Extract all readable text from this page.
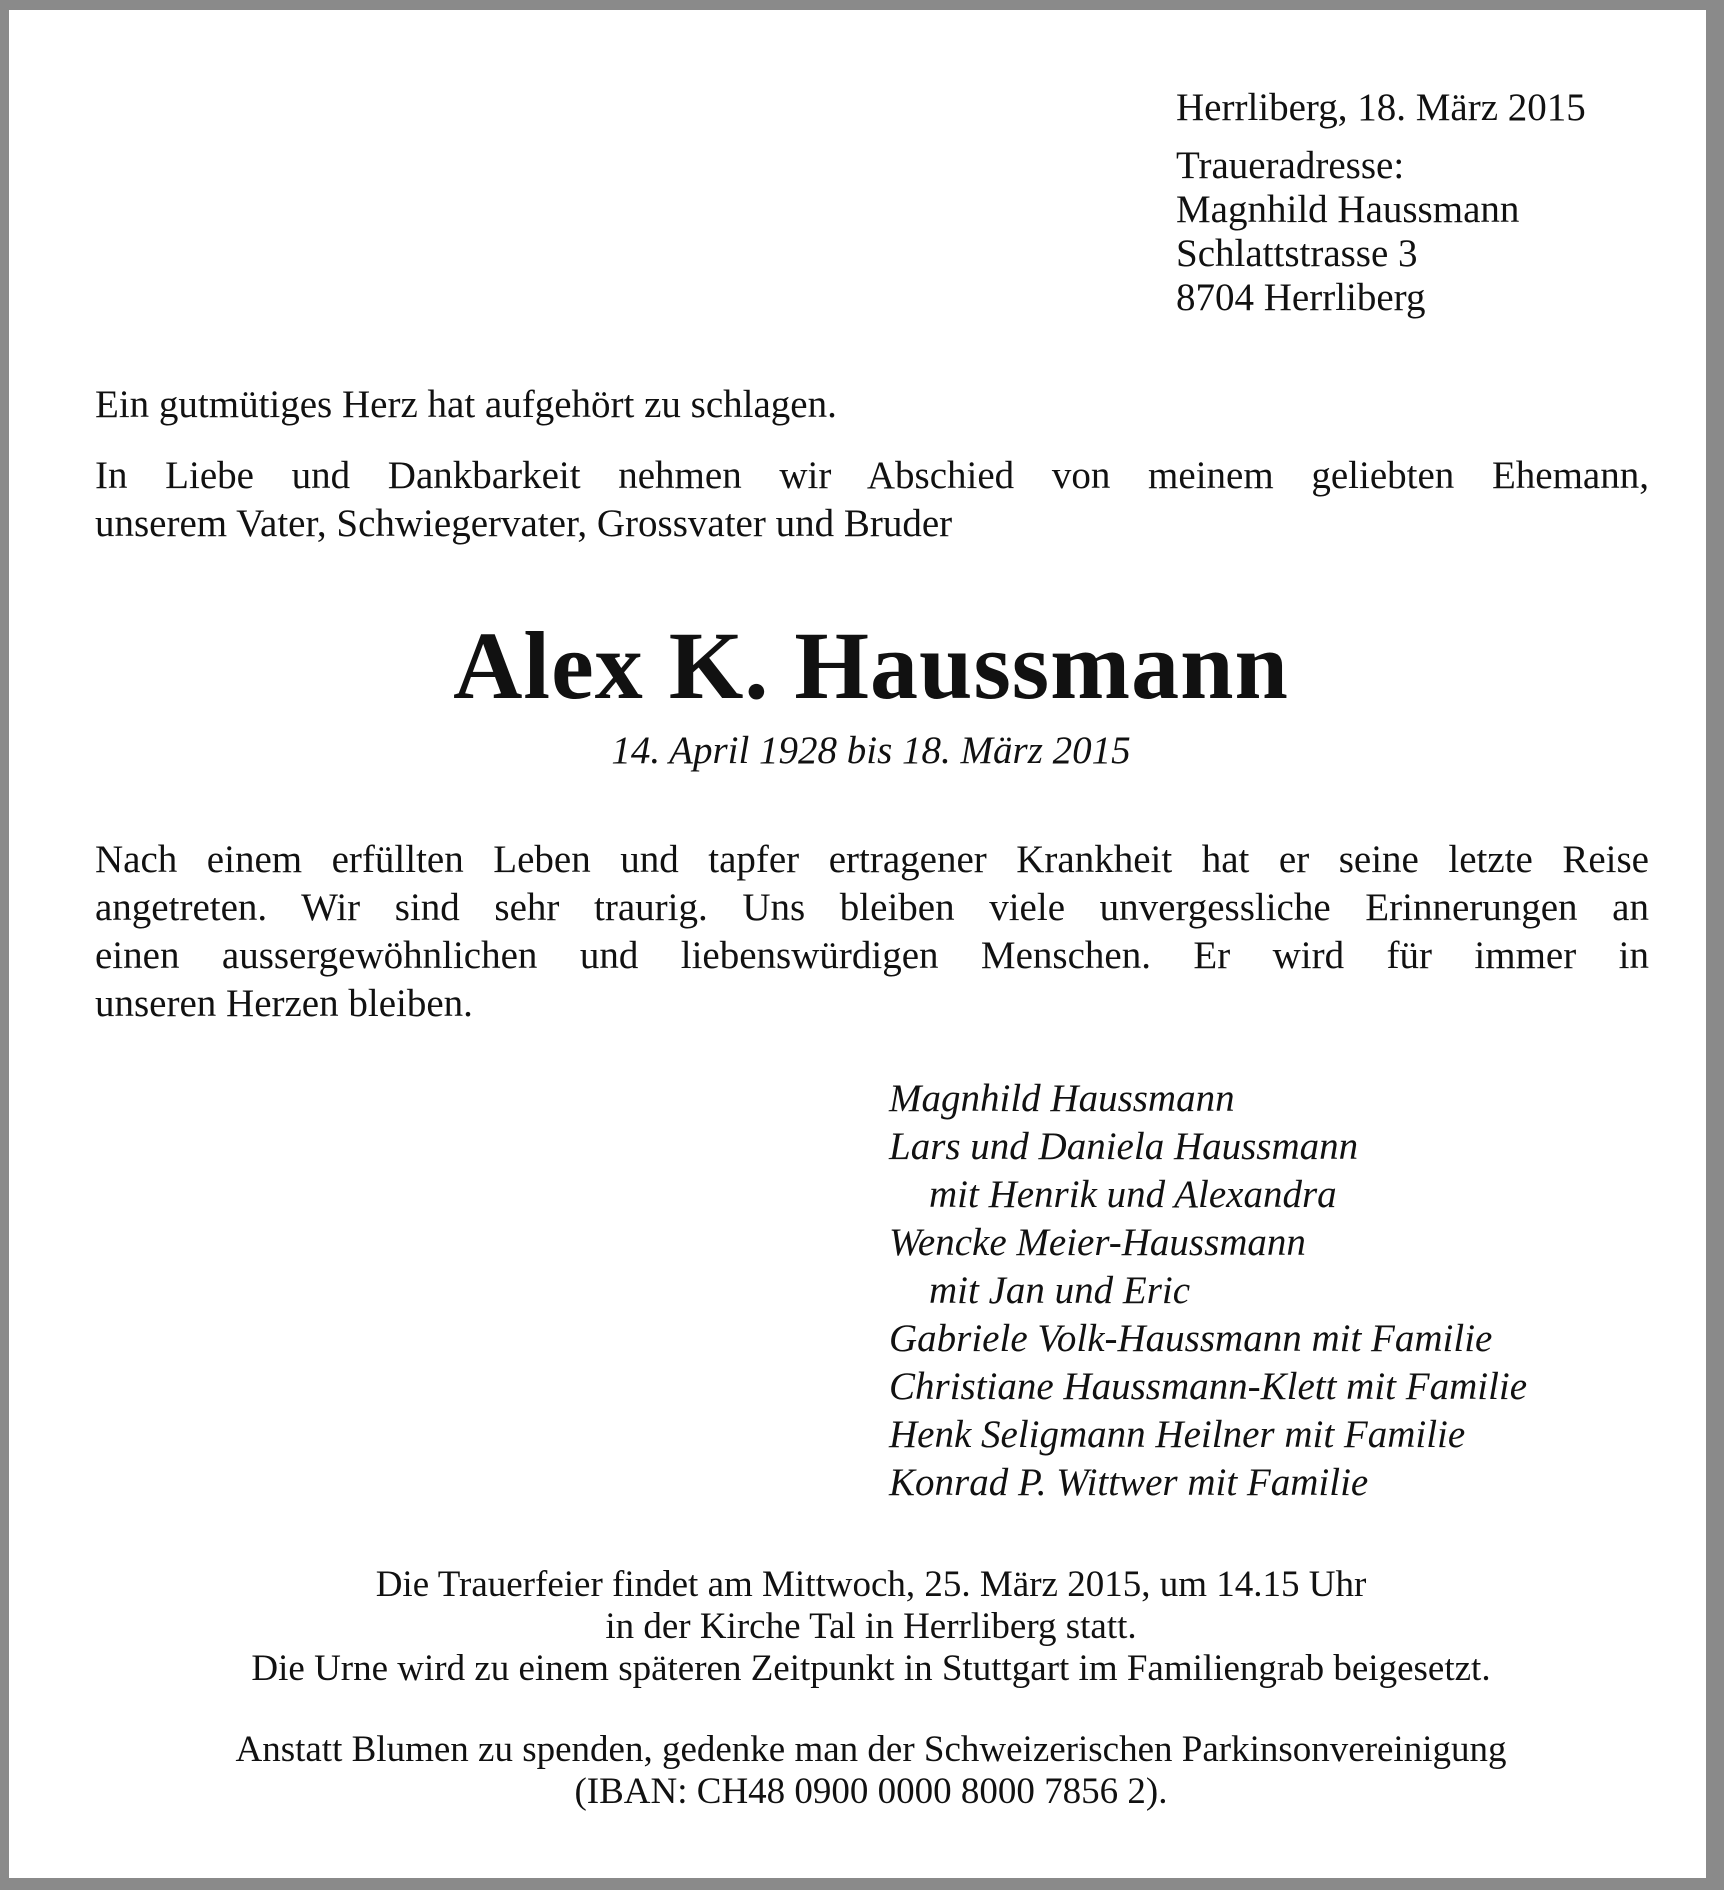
Herrliberg, 18. März 2015
Traueradresse:
Magnhild Haussmann
Schlattstrasse 3
8704 Herrliberg
Ein gutmütiges Herz hat aufgehört zu schlagen.
In Liebe und Dankbarkeit nehmen wir Abschied von meinem geliebten Ehemann,
unserem Vater, Schwiegervater, Grossvater und Bruder
Alex K. Haussmann
14. April 1928 bis 18. März 2015
Nach einem erfüllten Leben und tapfer ertragener Krankheit hat er seine letzte Reise
angetreten. Wir sind sehr traurig. Uns bleiben viele unvergessliche Erinnerungen an
einen aussergewöhnlichen und liebenswürdigen Menschen. Er wird für immer in
unseren Herzen bleiben.
Magnhild Haussmann
Lars und Daniela Haussmann
mit Henrik und Alexandra
Wencke Meier-Haussmann
mit Jan und Eric
Gabriele Volk-Haussmann mit Familie
Christiane Haussmann-Klett mit Familie
Henk Seligmann Heilner mit Familie
Konrad P. Wittwer mit Familie
Die Trauerfeier findet am Mittwoch, 25. März 2015, um 14.15 Uhr
in der Kirche Tal in Herrliberg statt.
Die Urne wird zu einem späteren Zeitpunkt in Stuttgart im Familiengrab beigesetzt.
Anstatt Blumen zu spenden, gedenke man der Schweizerischen Parkinsonvereinigung
(IBAN: CH48 0900 0000 8000 7856 2).
